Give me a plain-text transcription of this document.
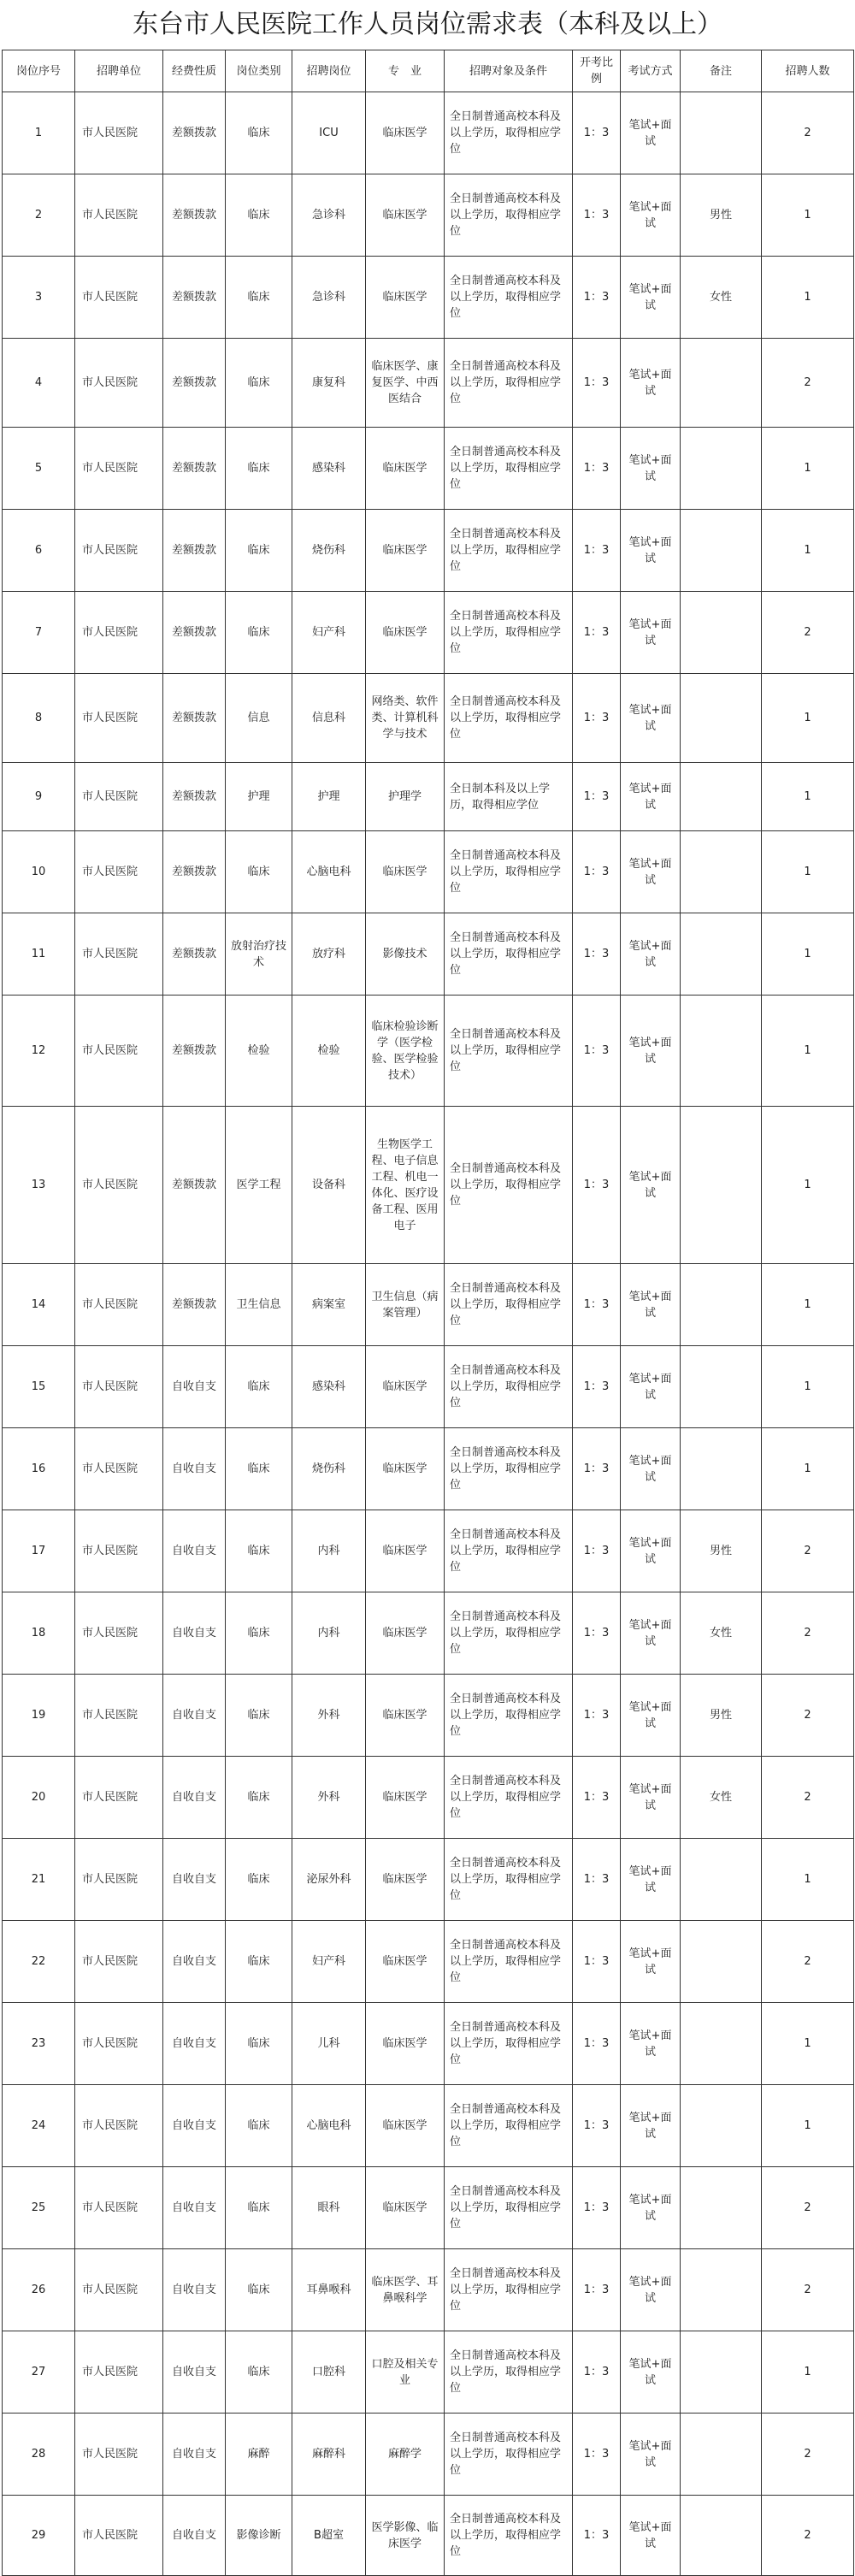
东台市人民医院工作人员岗位需求表（本科及以上）
岗位序号	招聘单位	经费性质	岗位类别	招聘岗位	专　业	招聘对象及条件	开考比例	考试方式	备注	招聘人数
1	市人民医院	差额拨款	临床	ICU	临床医学	全日制普通高校本科及以上学历，取得相应学位	1：3	笔试+面试		2
2	市人民医院	差额拨款	临床	急诊科	临床医学	全日制普通高校本科及以上学历，取得相应学位	1：3	笔试+面试	男性	1
3	市人民医院	差额拨款	临床	急诊科	临床医学	全日制普通高校本科及以上学历，取得相应学位	1：3	笔试+面试	女性	1
4	市人民医院	差额拨款	临床	康复科	临床医学、康复医学、中西医结合	全日制普通高校本科及以上学历，取得相应学位	1：3	笔试+面试		2
5	市人民医院	差额拨款	临床	感染科	临床医学	全日制普通高校本科及以上学历，取得相应学位	1：3	笔试+面试		1
6	市人民医院	差额拨款	临床	烧伤科	临床医学	全日制普通高校本科及以上学历，取得相应学位	1：3	笔试+面试		1
7	市人民医院	差额拨款	临床	妇产科	临床医学	全日制普通高校本科及以上学历，取得相应学位	1：3	笔试+面试		2
8	市人民医院	差额拨款	信息	信息科	网络类、软件类、计算机科学与技术	全日制普通高校本科及以上学历，取得相应学位	1：3	笔试+面试		1
9	市人民医院	差额拨款	护理	护理	护理学	全日制本科及以上学历，取得相应学位	1：3	笔试+面试		1
10	市人民医院	差额拨款	临床	心脑电科	临床医学	全日制普通高校本科及以上学历，取得相应学位	1：3	笔试+面试		1
11	市人民医院	差额拨款	放射治疗技术	放疗科	影像技术	全日制普通高校本科及以上学历，取得相应学位	1：3	笔试+面试		1
12	市人民医院	差额拨款	检验	检验	临床检验诊断学（医学检验、医学检验技术）	全日制普通高校本科及以上学历，取得相应学位	1：3	笔试+面试		1
13	市人民医院	差额拨款	医学工程	设备科	生物医学工程、电子信息工程、机电一体化、医疗设备工程、医用电子	全日制普通高校本科及以上学历，取得相应学位	1：3	笔试+面试		1
14	市人民医院	差额拨款	卫生信息	病案室	卫生信息（病案管理）	全日制普通高校本科及以上学历，取得相应学位	1：3	笔试+面试		1
15	市人民医院	自收自支	临床	感染科	临床医学	全日制普通高校本科及以上学历，取得相应学位	1：3	笔试+面试		1
16	市人民医院	自收自支	临床	烧伤科	临床医学	全日制普通高校本科及以上学历，取得相应学位	1：3	笔试+面试		1
17	市人民医院	自收自支	临床	内科	临床医学	全日制普通高校本科及以上学历，取得相应学位	1：3	笔试+面试	男性	2
18	市人民医院	自收自支	临床	内科	临床医学	全日制普通高校本科及以上学历，取得相应学位	1：3	笔试+面试	女性	2
19	市人民医院	自收自支	临床	外科	临床医学	全日制普通高校本科及以上学历，取得相应学位	1：3	笔试+面试	男性	2
20	市人民医院	自收自支	临床	外科	临床医学	全日制普通高校本科及以上学历，取得相应学位	1：3	笔试+面试	女性	2
21	市人民医院	自收自支	临床	泌尿外科	临床医学	全日制普通高校本科及以上学历，取得相应学位	1：3	笔试+面试		1
22	市人民医院	自收自支	临床	妇产科	临床医学	全日制普通高校本科及以上学历，取得相应学位	1：3	笔试+面试		2
23	市人民医院	自收自支	临床	儿科	临床医学	全日制普通高校本科及以上学历，取得相应学位	1：3	笔试+面试		1
24	市人民医院	自收自支	临床	心脑电科	临床医学	全日制普通高校本科及以上学历，取得相应学位	1：3	笔试+面试		1
25	市人民医院	自收自支	临床	眼科	临床医学	全日制普通高校本科及以上学历，取得相应学位	1：3	笔试+面试		2
26	市人民医院	自收自支	临床	耳鼻喉科	临床医学、耳鼻喉科学	全日制普通高校本科及以上学历，取得相应学位	1：3	笔试+面试		2
27	市人民医院	自收自支	临床	口腔科	口腔及相关专业	全日制普通高校本科及以上学历，取得相应学位	1：3	笔试+面试		1
28	市人民医院	自收自支	麻醉	麻醉科	麻醉学	全日制普通高校本科及以上学历，取得相应学位	1：3	笔试+面试		2
29	市人民医院	自收自支	影像诊断	B超室	医学影像、临床医学	全日制普通高校本科及以上学历，取得相应学位	1：3	笔试+面试		2
